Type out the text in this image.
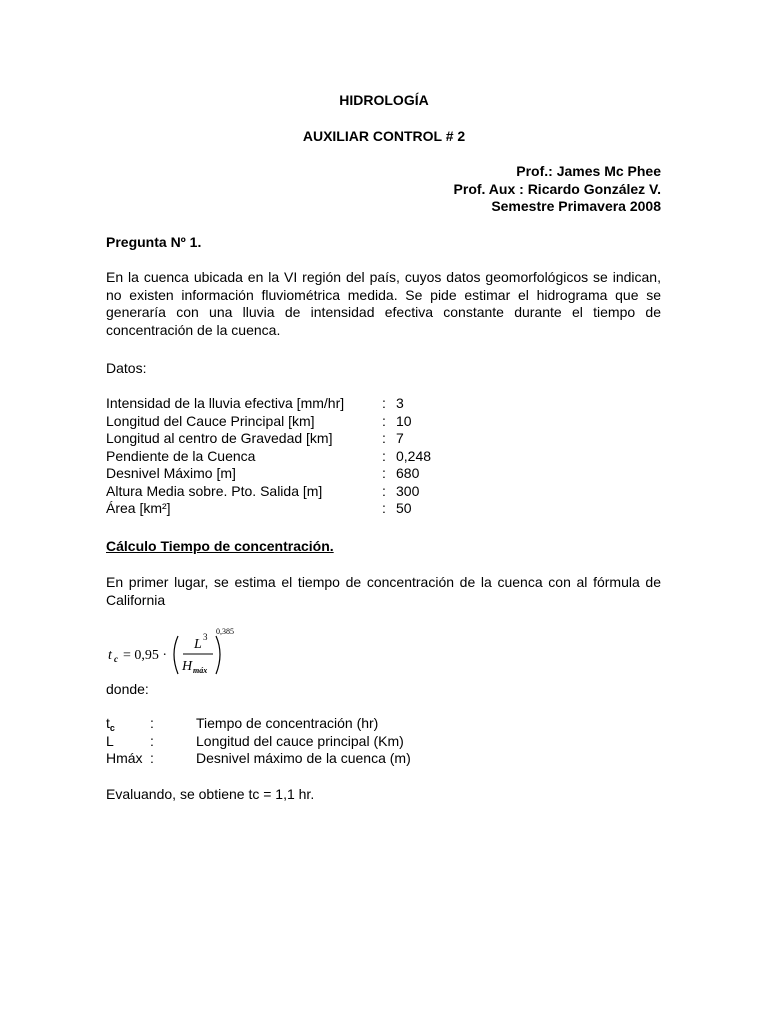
HIDROLOGÍA
AUXILIAR CONTROL # 2
Prof.: James Mc Phee
Prof. Aux : Ricardo González V.
Semestre Primavera 2008
Pregunta Nº 1.
En la cuenca ubicada en la VI región del país, cuyos datos geomorfológicos se indican, no existen información fluviométrica medida. Se pide estimar el hidrograma que se generaría con una lluvia de intensidad efectiva constante durante el tiempo de concentración de la cuenca.
Datos:
Intensidad de la lluvia efectiva [mm/hr]	: 3
Longitud del Cauce Principal [km]	: 10
Longitud al centro de Gravedad [km]	: 7
Pendiente de la Cuenca	: 0,248
Desnivel Máximo [m]	: 680
Altura Media sobre. Pto. Salida [m]	: 300
Área [km²]	: 50
Cálculo Tiempo de concentración.
En primer lugar, se estima el tiempo de concentración de la cuenca con al fórmula de California
t c = 0,95 ·
L 3
H máx
0,385
donde:
$t_c$	:	Tiempo de concentración (hr)
L	:	Longitud del cauce principal (Km)
Hmáx :	Desnivel máximo de la cuenca (m)
Evaluando, se obtiene tc = 1,1 hr.
